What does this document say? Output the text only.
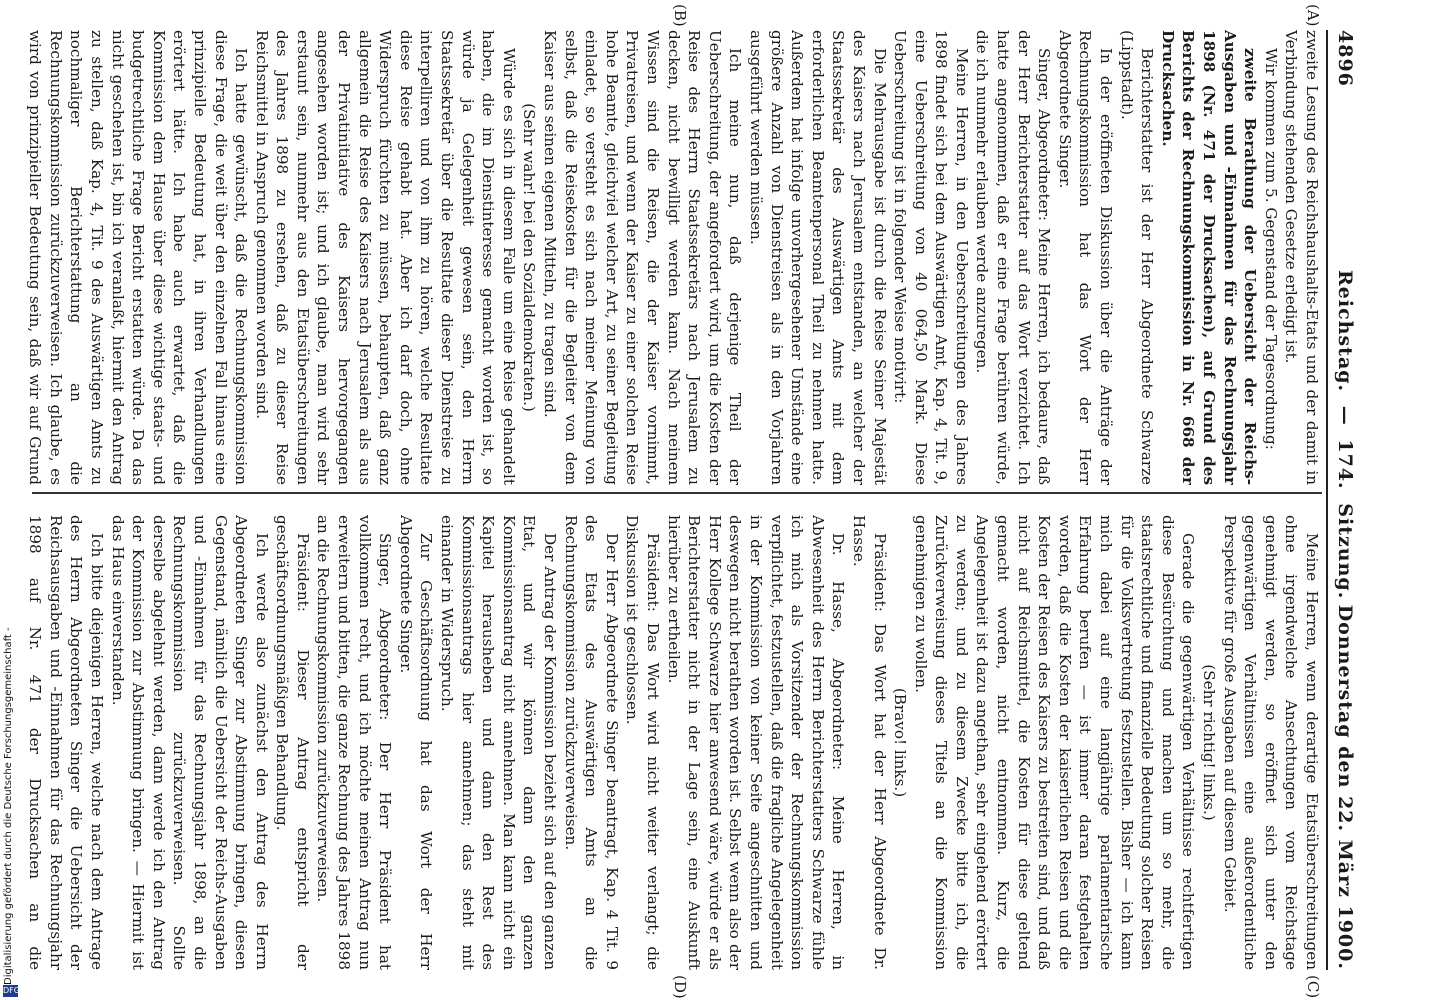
4896
Reichstag. — 174. Sitzung.
Donnerstag den 22. März 1900.
(A)
(B)
(C)
(D)

zweite Lesung des Reichshaushalts-Etats und der damit in Verbindung stehenden Gesetze erledigt ist.

Wir kommen zum 5. Gegenstand der Tagesordnung:

zweite Berathung der Uebersicht der Reichs-Ausgaben und -Einnahmen für das Rechnungsjahr 1898 (Nr. 471 der Drucksachen), auf Grund des Berichts der Rechnungskommission in Nr. 668 der Drucksachen.

Berichterstatter ist der Herr Abgeordnete Schwarze (Lippstadt).

In der eröffneten Diskussion über die Anträge der Rechnungskommission hat das Wort der Herr Abgeordnete Singer.

Singer, Abgeordneter: Meine Herren, ich bedaure, daß der Herr Berichterstatter auf das Wort verzichtet. Ich hatte angenommen, daß er eine Frage berühren würde, die ich nunmehr erlauben werde anzuregen.

Meine Herren, in den Ueberschreitungen des Jahres 1898 findet sich bei dem Auswärtigen Amt, Kap. 4, Tit. 9, eine Ueberschreitung von 40 064,50 Mark. Diese Ueberschreitung ist in folgender Weise motivirt:

Die Mehrausgabe ist durch die Reise Seiner Majestät des Kaisers nach Jerusalem entstanden, an welcher der Staatssekretär des Auswärtigen Amts mit dem erforderlichen Beamtenpersonal Theil zu nehmen hatte. Außerdem hat infolge unvorhergesehener Umstände eine größere Anzahl von Dienstreisen als in den Vorjahren ausgeführt werden müssen.

Ich meine nun, daß derjenige Theil der Ueberschreitung, der angefordert wird, um die Kosten der Reise des Herrn Staatssekretärs nach Jerusalem zu decken, nicht bewilligt werden kann. Nach meinem Wissen sind die Reisen, die der Kaiser vornimmt, Privatreisen, und wenn der Kaiser zu einer solchen Reise hohe Beamte, gleichviel welcher Art, zu seiner Begleitung einladet, so versteht es sich nach meiner Meinung von selbst, daß die Reisekosten für die Begleiter von dem Kaiser aus seinen eigenen Mitteln, zu tragen sind.

(Sehr wahr! bei den Sozialdemokraten.)

Würde es sich in diesem Falle um eine Reise gehandelt haben, die im Dienstinteresse gemacht worden ist, so würde ja Gelegenheit gewesen sein, den Herrn Staatssekretär über die Resultate dieser Dienstreise zu interpelliren und von ihm zu hören, welche Resultate diese Reise gehabt hat. Aber ich darf doch, ohne Widerspruch fürchten zu müssen, behaupten, daß ganz allgemein die Reise des Kaisers nach Jerusalem als aus der Privatinitiative des Kaisers hervorgegangen angesehen worden ist; und ich glaube, man wird sehr erstaunt sein, nunmehr aus den Etatsüberschreitungen des Jahres 1898 zu ersehen, daß zu dieser Reise Reichsmittel in Anspruch genommen worden sind.

Ich hatte gewünscht, daß die Rechnungskommission diese Frage, die weit über den einzelnen Fall hinaus eine prinzipielle Bedeutung hat, in ihren Verhandlungen erörtert hätte. Ich habe auch erwartet, daß die Kommission dem Hause über diese wichtige staats- und budgetrechtliche Frage Bericht erstatten würde. Da das nicht geschehen ist, bin ich veranlaßt, hiermit den Antrag zu stellen, daß Kap. 4, Tit. 9 des Auswärtigen Amts zu nochmaliger Berichterstattung an die Rechnungskommission zurückzuverweisen. Ich glaube, es wird von prinzipieller Bedeutung sein, daß wir auf Grund

Meine Herren, wenn derartige Etatsüberschreitungen ohne irgendwelche Ansechtungen vom Reichstage genehmigt werden, so eröffnet sich unter den gegenwärtigen Verhältnissen eine außerordentliche Perspektive für große Ausgaben auf diesem Gebiet.

(Sehr richtig! links.)

Gerade die gegenwärtigen Verhältnisse rechtfertigen diese Besürchtung und machen um so mehr, die staatsrechtliche und finanzielle Bedeutung solcher Reisen für die Volksvertretung festzustellen. Bisher — ich kann mich dabei auf eine langjährige parlamentarische Erfahrung berufen — ist immer daran festgehalten worden, daß die Kosten der kaiserlichen Reisen und die Kosten der Reisen des Kaisers zu bestreiten sind, und daß nicht auf Reichsmittel, die Kosten für diese geltend gemacht worden, nicht entnommen. Kurz, die Angelegenheit ist dazu angethan, sehr eingehend erörtert zu werden; und zu diesem Zwecke bitte ich, die Zurückverweisung dieses Titels an die Kommission genehmigen zu wollen.

(Bravo! links.)

Präsident: Das Wort hat der Herr Abgeordnete Dr. Hasse.

Dr. Hasse, Abgeordneter: Meine Herren, in Abwesenheit des Herrn Berichterstatters Schwarze fühle ich mich als Vorsitzender der Rechnungskommission verpflichtet, festzustellen, daß die fragliche Angelegenheit in der Kommission von keiner Seite angeschnitten und deswegen nicht berathen worden ist. Selbst wenn also der Herr Kollege Schwarze hier anwesend wäre, würde er als Berichterstatter nicht in der Lage sein, eine Auskunft hierüber zu ertheilen.

Präsident: Das Wort wird nicht weiter verlangt; die Diskussion ist geschlossen.

Der Herr Abgeordnete Singer beantragt, Kap. 4 Tit. 9 des Etats des Auswärtigen Amts an die Rechnungskommission zurückzuverweisen.

Der Antrag der Kommission bezieht sich auf den ganzen Etat, und wir können dann den ganzen Kommissionsantrag nicht annehmen. Man kann nicht ein Kapitel herausheben und dann den Rest des Kommissionsantrags hier annehmen; das steht mit einander in Widerspruch.

Zur Geschäftsordnung hat das Wort der Herr Abgeordnete Singer.

Singer, Abgeordneter: Der Herr Präsident hat vollkommen recht, und ich möchte meinen Antrag nun erweitern und bitten, die ganze Rechnung des Jahres 1898 an die Rechnungskommission zurückzuverweisen.

Präsident: Dieser Antrag entspricht der geschäftsordnungsmäßigen Behandlung.

Ich werde also zunächst den Antrag des Herrn Abgeordneten Singer zur Abstimmung bringen, diesen Gegenstand, nämlich die Uebersicht der Reichs-Ausgaben und -Einnahmen für das Rechnungsjahr 1898, an die Rechnungskommission zurückzuverweisen. Sollte derselbe abgelehnt werden, dann werde ich den Antrag der Kommission zur Abstimmung bringen. — Hiermit ist das Haus einverstanden.

Ich bitte diejenigen Herren, welche nach dem Antrage des Herrn Abgeordneten Singer die Uebersicht der Reichsausgaben und -Einnahmen für das Rechnungsjahr 1898 auf Nr. 471 der Drucksachen an die

Digitalisierung gefördert durch die Deutsche Forschungsgemeinschaft -
DFG
